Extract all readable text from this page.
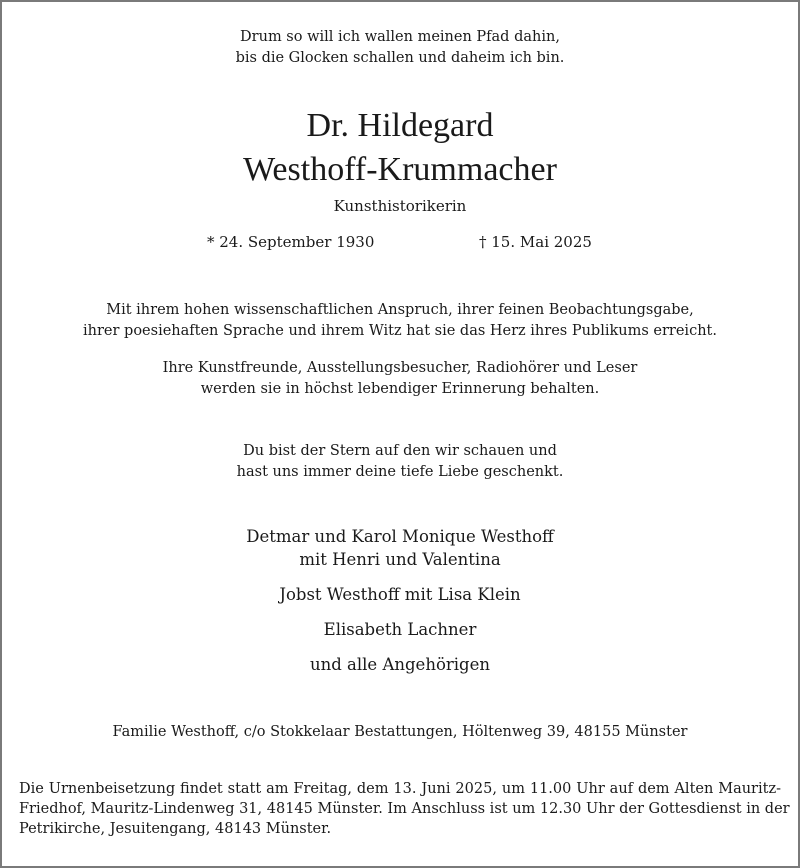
Drum so will ich wallen meinen Pfad dahin,
bis die Glocken schallen und daheim ich bin.
Dr. Hildegard
Westhoff-Krummacher
Kunsthistorikerin
* 24. September 1930	† 15. Mai 2025
Mit ihrem hohen wissenschaftlichen Anspruch, ihrer feinen Beobachtungsgabe,
ihrer poesiehaften Sprache und ihrem Witz hat sie das Herz ihres Publikums erreicht.
Ihre Kunstfreunde, Ausstellungsbesucher, Radiohörer und Leser
werden sie in höchst lebendiger Erinnerung behalten.
Du bist der Stern auf den wir schauen und
hast uns immer deine tiefe Liebe geschenkt.
Detmar und Karol Monique Westhoff
mit Henri und Valentina
Jobst Westhoff mit Lisa Klein
Elisabeth Lachner
und alle Angehörigen
Familie Westhoff, c/o Stokkelaar Bestattungen, Höltenweg 39, 48155 Münster
Die Urnenbeisetzung findet statt am Freitag, dem 13. Juni 2025, um 11.00 Uhr auf dem Alten Mauritz-
Friedhof, Mauritz-Lindenweg 31, 48145 Münster. Im Anschluss ist um 12.30 Uhr der Gottesdienst in der
Petrikirche, Jesuitengang, 48143 Münster.
